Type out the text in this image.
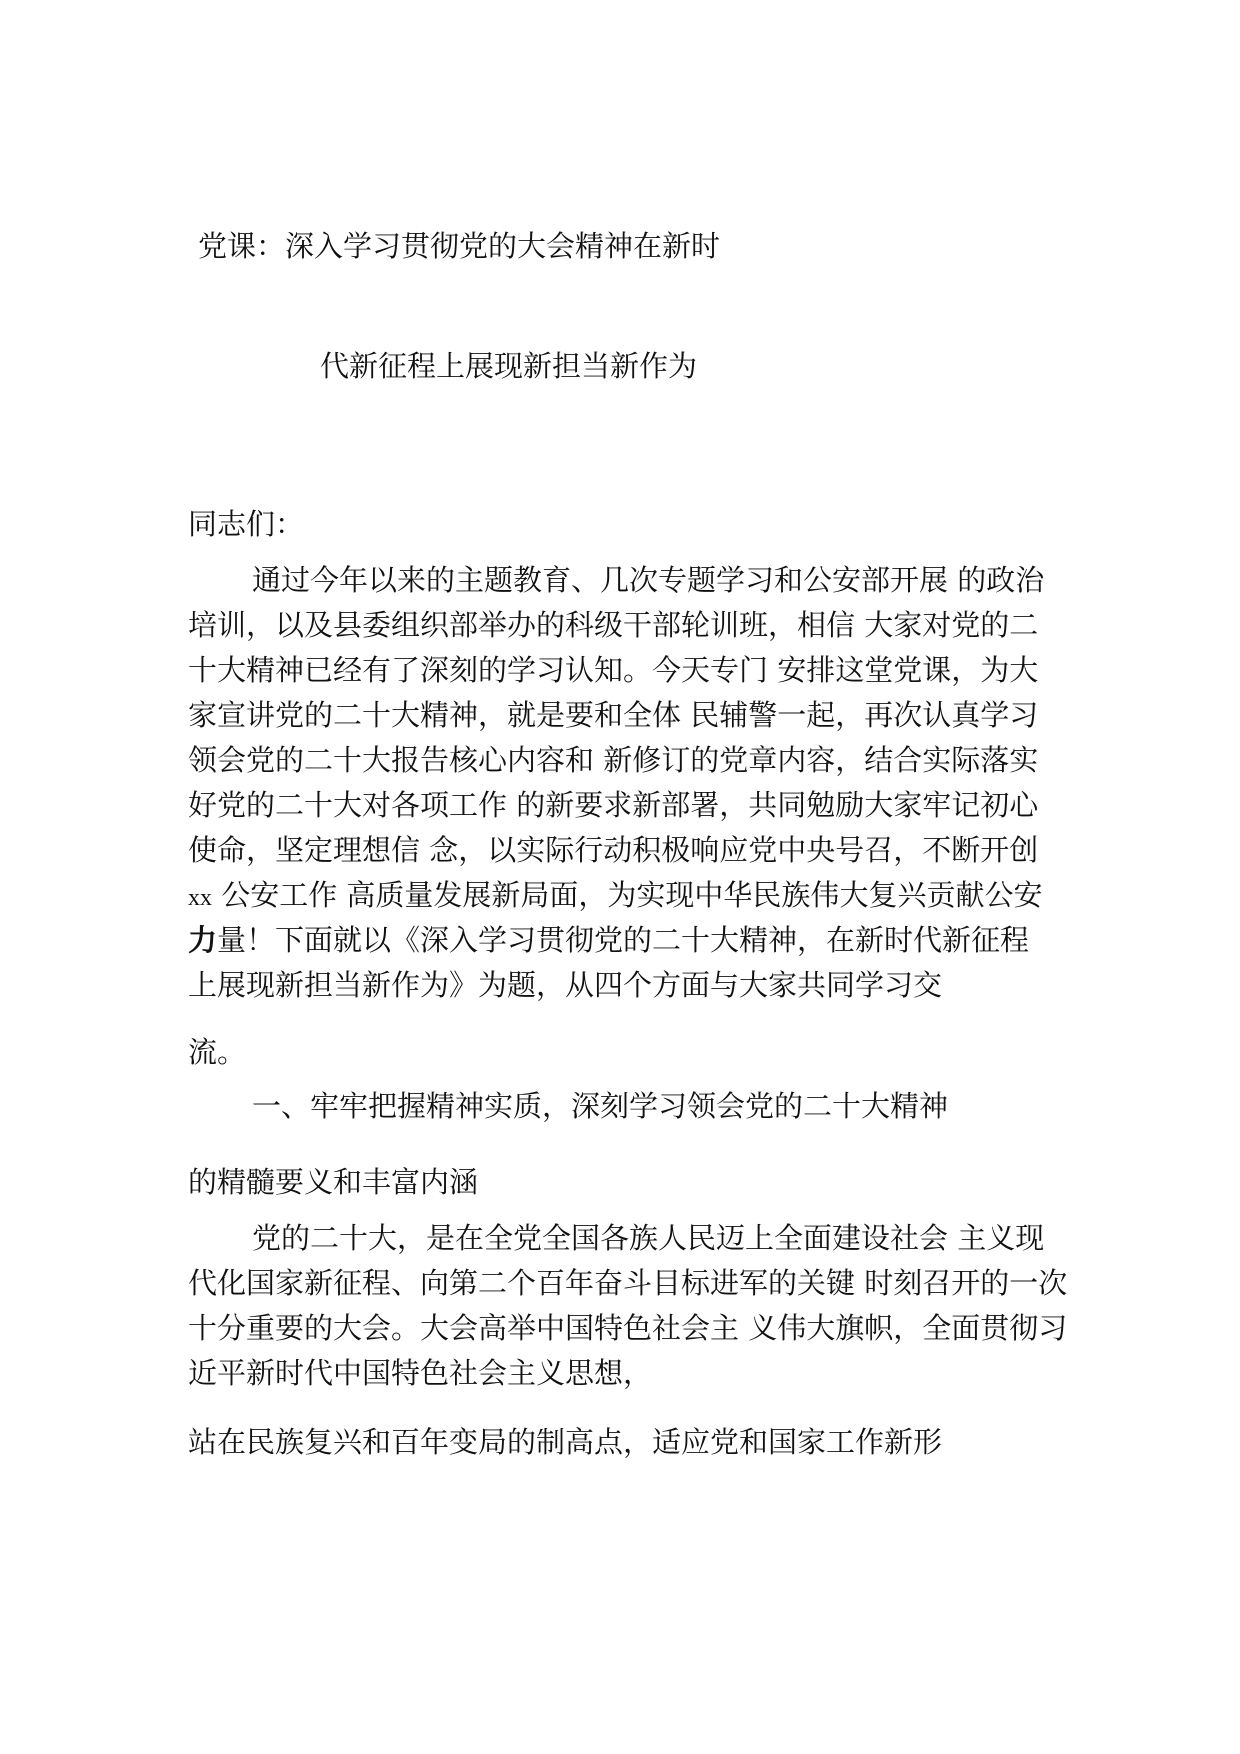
党课：深入学习贯彻党的大会精神在新时
代新征程上展现新担当新作为
同志们：
通过今年以来的主题教育、几次专题学习和公安部开展 的政治
培训，以及县委组织部举办的科级干部轮训班，相信 大家对党的二
十大精神已经有了深刻的学习认知。今天专门 安排这堂党课，为大
家宣讲党的二十大精神，就是要和全体 民辅警一起，再次认真学习
领会党的二十大报告核心内容和 新修订的党章内容，结合实际落实
好党的二十大对各项工作 的新要求新部署，共同勉励大家牢记初心
使命，坚定理想信 念，以实际行动积极响应党中央号召，不断开创
xx 公安工作 高质量发展新局面，为实现中华民族伟大复兴贡献公安
力量！下面就以《深入学习贯彻党的二十大精神，在新时代新征程
上展现新担当新作为》为题，从四个方面与大家共同学习交
流。
一、牢牢把握精神实质，深刻学习领会党的二十大精神
的精髓要义和丰富内涵
党的二十大，是在全党全国各族人民迈上全面建设社会 主义现
代化国家新征程、向第二个百年奋斗目标进军的关键 时刻召开的一次
十分重要的大会。大会高举中国特色社会主 义伟大旗帜，全面贯彻习
近平新时代中国特色社会主义思想，
站在民族复兴和百年变局的制高点，适应党和国家工作新形
